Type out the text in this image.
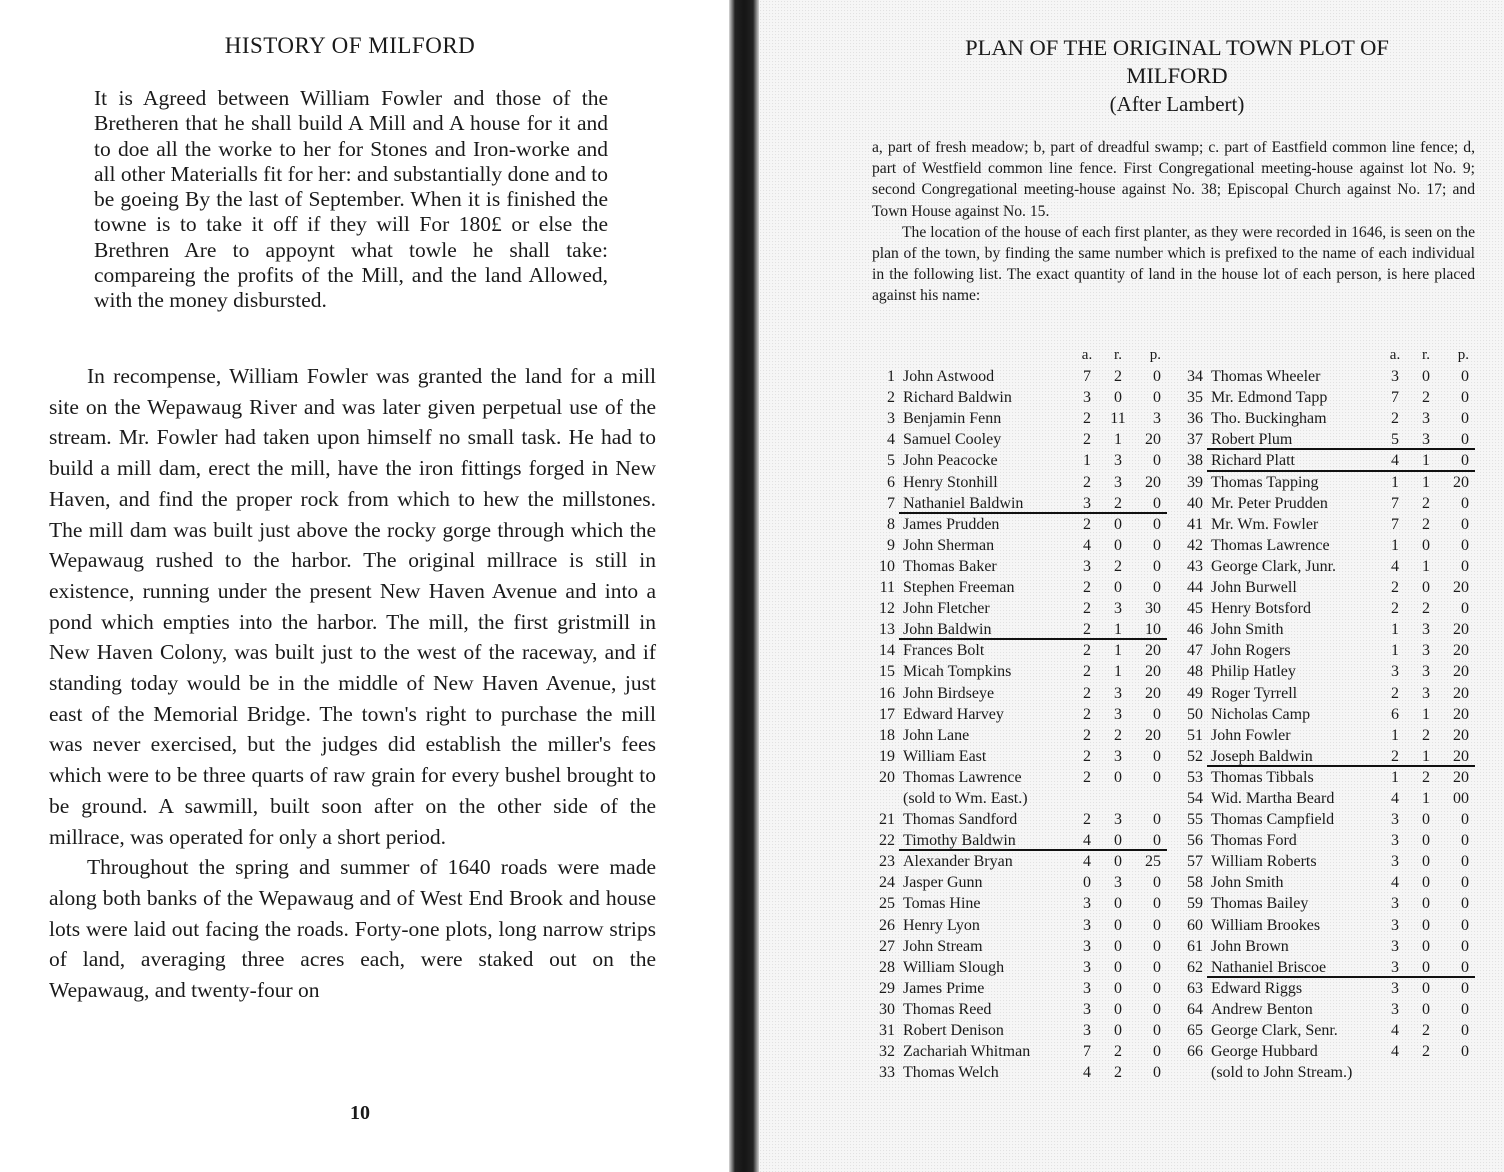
HISTORY OF MILFORD
It is Agreed between William Fowler and those of the Bretheren that he shall build A Mill and A house for it and to doe all the worke to her for Stones and Iron-worke and all other Materialls fit for her: and substantially done and to be goeing By the last of September. When it is finished the towne is to take it off if they will For 180£ or else the Brethren Are to appoynt what towle he shall take: compareing the profits of the Mill, and the land Allowed, with the money disbursted.

In recompense, William Fowler was granted the land for a mill site on the Wepawaug River and was later given perpetual use of the stream. Mr. Fowler had taken upon himself no small task. He had to build a mill dam, erect the mill, have the iron fittings forged in New Haven, and find the proper rock from which to hew the millstones. The mill dam was built just above the rocky gorge through which the Wepawaug rushed to the harbor. The original millrace is still in existence, running under the present New Haven Avenue and into a pond which empties into the harbor. The mill, the first gristmill in New Haven Colony, was built just to the west of the raceway, and if standing today would be in the middle of New Haven Avenue, just east of the Memorial Bridge. The town's right to purchase the mill was never exercised, but the judges did establish the miller's fees which were to be three quarts of raw grain for every bushel brought to be ground. A sawmill, built soon after on the other side of the millrace, was operated for only a short period.

Throughout the spring and summer of 1640 roads were made along both banks of the Wepawaug and of West End Brook and house lots were laid out facing the roads. Forty-one plots, long narrow strips of land, averaging three acres each, were staked out on the Wepawaug, and twenty-four on

10
PLAN OF THE ORIGINAL TOWN PLOT OF
MILFORD
(After Lambert)

a, part of fresh meadow; b, part of dreadful swamp; c. part of Eastfield common line fence; d, part of Westfield common line fence. First Congregational meeting-house against lot No. 9; second Congregational meeting-house against No. 38; Episcopal Church against No. 17; and Town House against No. 15.

The location of the house of each first planter, as they were recorded in 1646, is seen on the plan of the town, by finding the same number which is prefixed to the name of each individual in the following list. The exact quantity of land in the house lot of each person, is here placed against his name:

a.	r.	p.
1 John Astwood	7	2	0
2 Richard Baldwin	3	0	0
3 Benjamin Fenn	2 11	3
4 Samuel Cooley	2	1	20
5 John Peacocke	1	3	0
6 Henry Stonhill	2	3	20
7 Nathaniel Baldwin	3	2	0
8 James Prudden	2	0	0
9 John Sherman	4	0	0
10 Thomas Baker	3	2	0
11 Stephen Freeman	2	0	0
12 John Fletcher	2	3	30
13 John Baldwin	2	1	10
14 Frances Bolt	2	1	20
15 Micah Tompkins	2	1	20
16 John Birdseye	2	3	20
17 Edward Harvey	2	3	0
18 John Lane	2	2	20
19 William East	2	3	0
20 Thomas Lawrence	2	0	0
(sold to Wm. East.)
21 Thomas Sandford	2	3	0
22 Timothy Baldwin	4	0	0
23 Alexander Bryan	4	0	25
24 Jasper Gunn	0	3	0
25 Tomas Hine	3	0	0
26 Henry Lyon	3	0	0
27 John Stream	3	0	0
28 William Slough	3	0	0
29 James Prime	3	0	0
30 Thomas Reed	3	0	0
31 Robert Denison	3	0	0
32 Zachariah Whitman	7	2	0
33 Thomas Welch	4	2	0
a.	r.	p.
34 Thomas Wheeler	3	0	0
35 Mr. Edmond Tapp	7	2	0
36 Tho. Buckingham	2	3	0
37 Robert Plum	5	3	0
38 Richard Platt	4	1	0
39 Thomas Tapping	1	1	20
40 Mr. Peter Prudden	7	2	0
41 Mr. Wm. Fowler	7	2	0
42 Thomas Lawrence	1	0	0
43 George Clark, Junr.	4	1	0
44 John Burwell	2	0	20
45 Henry Botsford	2	2	0
46 John Smith	1	3	20
47 John Rogers	1	3	20
48 Philip Hatley	3	3	20
49 Roger Tyrrell	2	3	20
50 Nicholas Camp	6	1	20
51 John Fowler	1	2	20
52 Joseph Baldwin	2	1	20
53 Thomas Tibbals	1	2	20
54 Wid. Martha Beard	4	1	00
55 Thomas Campfield	3	0	0
56 Thomas Ford	3	0	0
57 William Roberts	3	0	0
58 John Smith	4	0	0
59 Thomas Bailey	3	0	0
60 William Brookes	3	0	0
61 John Brown	3	0	0
62 Nathaniel Briscoe	3	0	0
63 Edward Riggs	3	0	0
64 Andrew Benton	3	0	0
65 George Clark, Senr.	4	2	0
66 George Hubbard	4	2	0
(sold to John Stream.)
